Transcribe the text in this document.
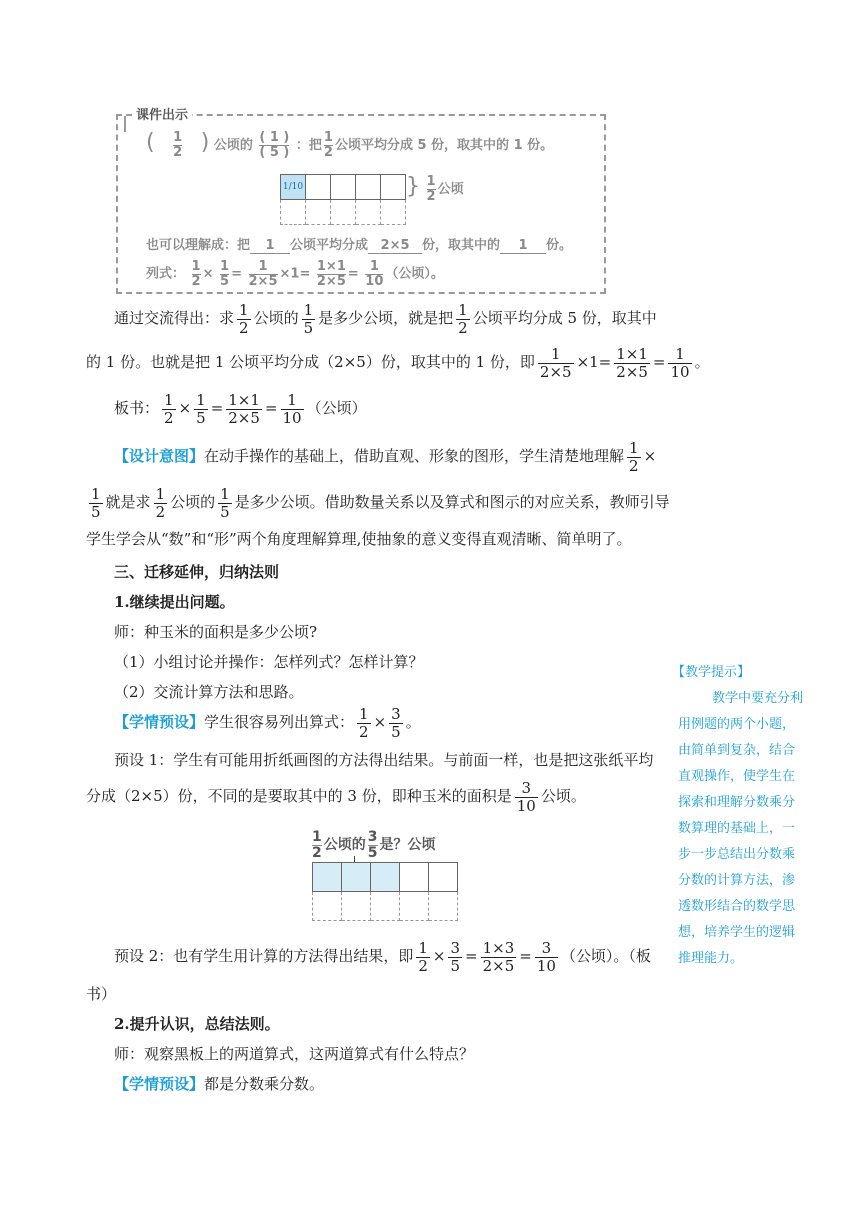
课件出示
( $\frac{1}{2}$ ) 公顷的 $\frac{( 1 )}{( 5 )}$ ：把 $\frac{1}{2}$ 公顷平均分成 5 份，取其中的 1 份。
1/10				
					} $\frac{1}{2}$ 公顷
也可以理解成：把 1 公顷平均分成 2×5 份，取其中的 1 份。
列式： $\frac{1}{2} \times \frac{1}{5} = \frac{1}{2\times 5} \times 1= \frac{1\times 1}{2\times 5} = \frac{1}{10}$ （公顷）。
通过交流得出：求 $\frac{1}{2}$ 公顷的 $\frac{1}{5}$ 是多少公顷，就是把 $\frac{1}{2}$ 公顷平均分成 5 份，取其中
的 1 份。也就是把 1 公顷平均分成（2×5）份，取其中的 1 份，即 $\frac{1}{2\times 5} \times 1= \frac{1\times 1}{2\times 5} = \frac{1}{10}$ 。
板书： $\frac{1}{2} \times \frac{1}{5} = \frac{1\times 1}{2\times 5} = \frac{1}{10}$ （公顷）
【设计意图】在动手操作的基础上，借助直观、形象的图形，学生清楚地理解 $\frac{1}{2}$ ×
$\frac{1}{5}$ 就是求 $\frac{1}{2}$ 公顷的 $\frac{1}{5}$ 是多少公顷。借助数量关系以及算式和图示的对应关系，教师引导
学生学会从“数”和“形”两个角度理解算理,使抽象的意义变得直观清晰、简单明了。
三、迁移延伸，归纳法则
1.继续提出问题。
师：种玉米的面积是多少公顷?
（1）小组讨论并操作：怎样列式？怎样计算？
（2）交流计算方法和思路。
【学情预设】学生很容易列出算式： $\frac{1}{2} \times \frac{3}{5}$ 。
预设 1：学生有可能用折纸画图的方法得出结果。与前面一样，也是把这张纸平均
分成（2×5）份，不同的是要取其中的 3 份，即种玉米的面积是 $\frac{3}{10}$ 公顷。
$\frac{1}{2}$ 公顷的 $\frac{3}{5}$ 是？公顷

预设 2：也有学生用计算的方法得出结果，即 $\frac{1}{2} \times \frac{3}{5} = \frac{1\times 3}{2\times 5} = \frac{3}{10}$ （公顷）。（板
书）
2.提升认识，总结法则。
师：观察黑板上的两道算式，这两道算式有什么特点？
【学情预设】都是分数乘分数。
【教学提示】
教学中要充分利
用例题的两个小题，
由简单到复杂，结合
直观操作，使学生在
探索和理解分数乘分
数算理的基础上，一
步一步总结出分数乘
分数的计算方法，渗
透数形结合的数学思
想，培养学生的逻辑
推理能力。
